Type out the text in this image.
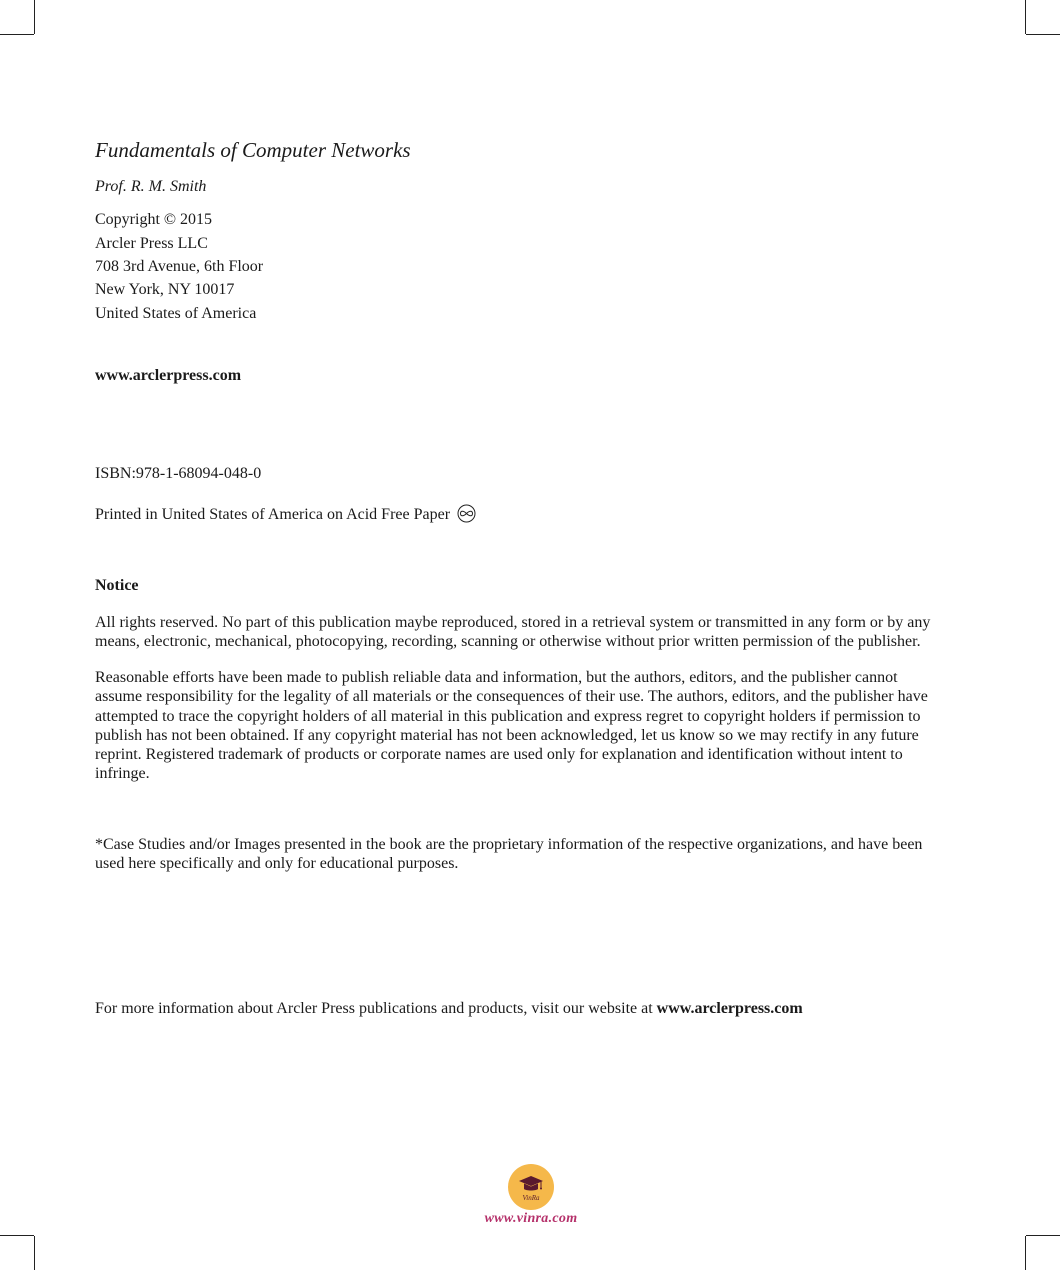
Fundamentals of Computer Networks
Prof. R. M. Smith
Copyright © 2015
Arcler Press LLC
708 3rd Avenue, 6th Floor
New York, NY 10017
United States of America
www.arclerpress.com
ISBN:978-1-68094-048-0
Printed in United States of America on Acid Free Paper
Notice
All rights reserved. No part of this publication maybe reproduced, stored in a retrieval system or transmitted in any form or by any
means, electronic, mechanical, photocopying, recording, scanning or otherwise without prior written permission of the publisher.
Reasonable efforts have been made to publish reliable data and information, but the authors, editors, and the publisher cannot
assume responsibility for the legality of all materials or the consequences of their use. The authors, editors, and the publisher have
attempted to trace the copyright holders of all material in this publication and express regret to copyright holders if permission to
publish has not been obtained. If any copyright material has not been acknowledged, let us know so we may rectify in any future
reprint. Registered trademark of products or corporate names are used only for explanation and identification without intent to
infringe.
*Case Studies and/or Images presented in the book are the proprietary information of the respective organizations, and have been
used here specifically and only for educational purposes.
For more information about Arcler Press publications and products, visit our website at www.arclerpress.com
VinRa
www.vinra.com
